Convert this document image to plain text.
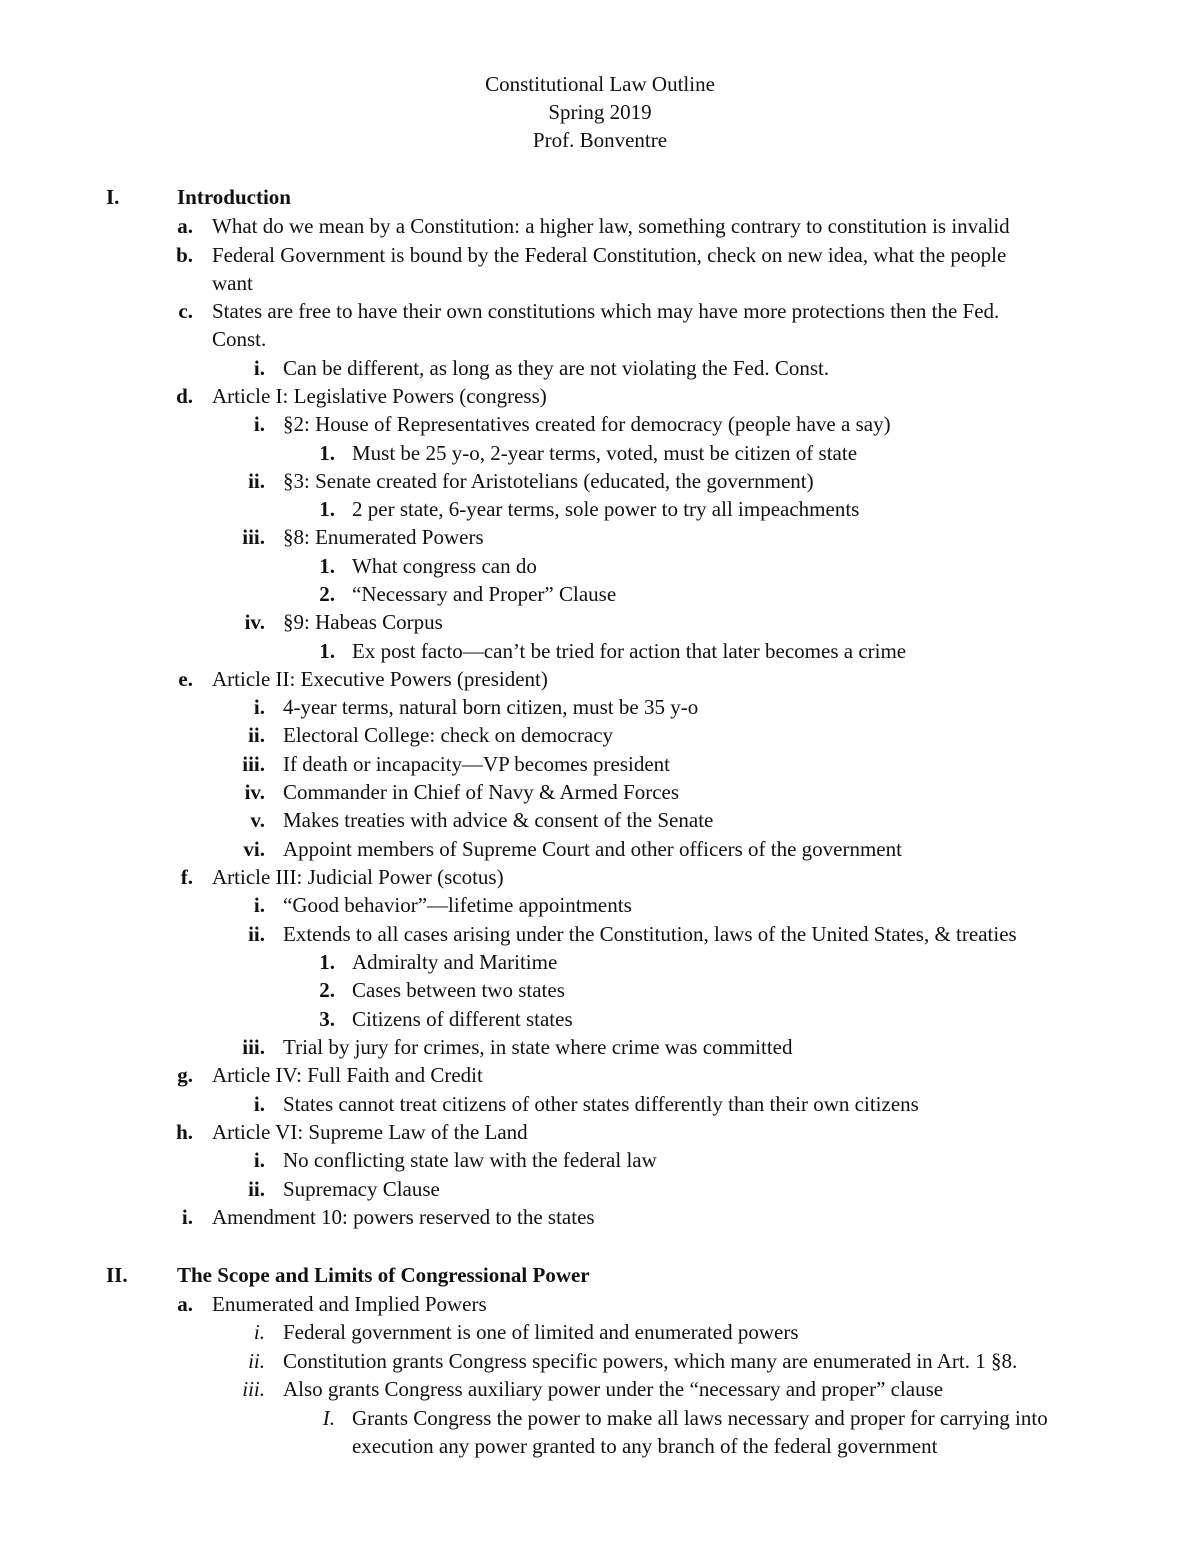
Constitutional Law Outline
Spring 2019
Prof. Bonventre
I.	Introduction
a. What do we mean by a Constitution: a higher law, something contrary to constitution is invalid
b. Federal Government is bound by the Federal Constitution, check on new idea, what the people
want
c. States are free to have their own constitutions which may have more protections then the Fed.
Const.
i. Can be different, as long as they are not violating the Fed. Const.
d. Article I: Legislative Powers (congress)
i. §2: House of Representatives created for democracy (people have a say)
1. Must be 25 y-o, 2-year terms, voted, must be citizen of state
ii. §3: Senate created for Aristotelians (educated, the government)
1. 2 per state, 6-year terms, sole power to try all impeachments
iii. §8: Enumerated Powers
1. What congress can do
2. “Necessary and Proper” Clause
iv. §9: Habeas Corpus
1. Ex post facto—can’t be tried for action that later becomes a crime
e. Article II: Executive Powers (president)
i. 4-year terms, natural born citizen, must be 35 y-o
ii. Electoral College: check on democracy
iii. If death or incapacity—VP becomes president
iv. Commander in Chief of Navy & Armed Forces
v. Makes treaties with advice & consent of the Senate
vi. Appoint members of Supreme Court and other officers of the government
f. Article III: Judicial Power (scotus)
i. “Good behavior”—lifetime appointments
ii. Extends to all cases arising under the Constitution, laws of the United States, & treaties
1. Admiralty and Maritime
2. Cases between two states
3. Citizens of different states
iii. Trial by jury for crimes, in state where crime was committed
g. Article IV: Full Faith and Credit
i. States cannot treat citizens of other states differently than their own citizens
h. Article VI: Supreme Law of the Land
i. No conflicting state law with the federal law
ii. Supremacy Clause
i. Amendment 10: powers reserved to the states
II. The Scope and Limits of Congressional Power
a. Enumerated and Implied Powers
i. Federal government is one of limited and enumerated powers
ii. Constitution grants Congress specific powers, which many are enumerated in Art. 1 §8.
iii. Also grants Congress auxiliary power under the “necessary and proper” clause
I. Grants Congress the power to make all laws necessary and proper for carrying into
execution any power granted to any branch of the federal government
